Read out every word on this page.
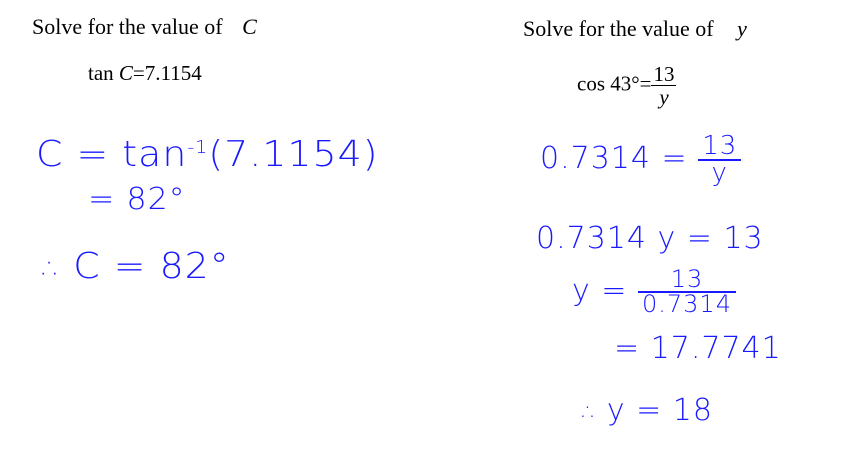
Solve for the value of C
tan C=7.1154
$C = \tan^{-1}(7.1154)$
= 82°
∴ C = 82°
Solve for the value of y
$\cos 43^\circ= \frac{13}{y}$
$0.7314 = \frac{13}{y}$
0.7314 y = 13
$y = \frac{13}{0.7314}$
= 17.7741
∴ y = 18
